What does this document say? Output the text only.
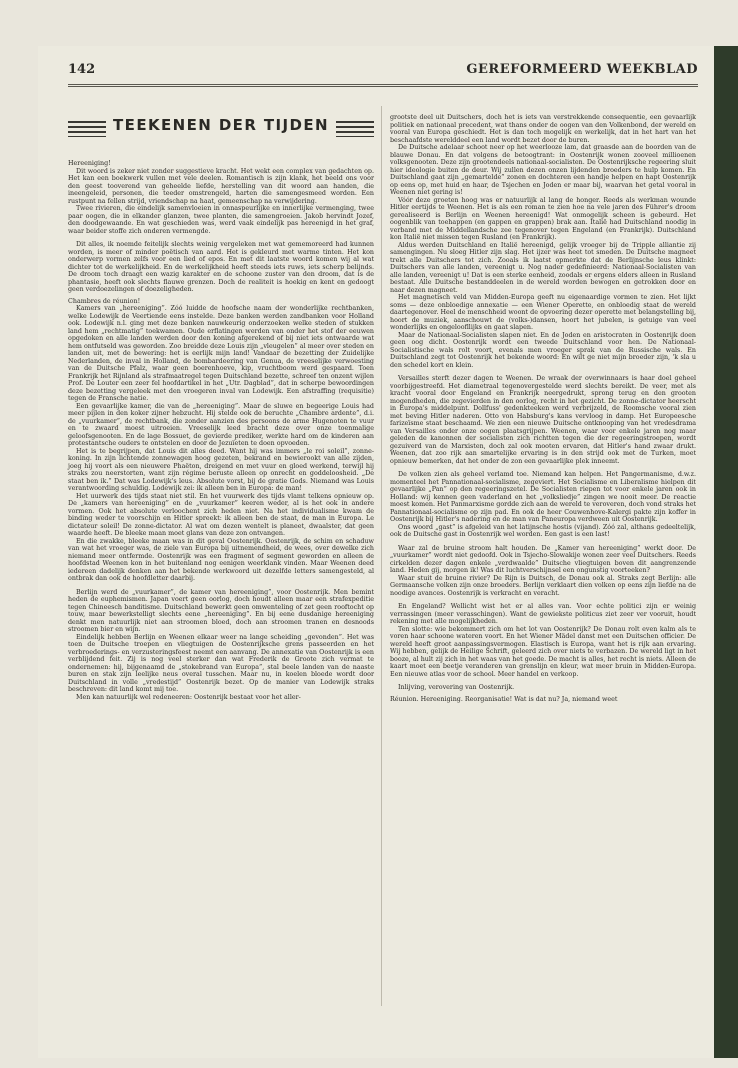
142	GEREFORMEERD WEEKBLAD
TEEKENEN DER TIJDEN

Hereeniging!

Dit woord is zeker niet zonder suggestieve kracht. Het wekt een complex van gedachten op. Het kan een boekwerk vullen met vele deelen. Romantisch is zijn klank, het beeld ons voor den geest tooverend van geheelde liefde, herstelling van dit woord aan handen, die ineengeleid, personen, die teeder omstrengeld, harten die samengesmeed worden. Een rustpunt na fellen strijd, vriendschap na haat, gemeenschap na verwijdering.

Twee rivieren, die eindelijk samenvloeien in onnaspeurlijke en innerlijke vermenging, twee paar oogen, die in elkander glanzen, twee planten, die samengroeien. Jakob hervindt Jozef, den doodgewaande. En wat geschieden was, werd vaak eindelijk pas hereenigd in het graf, waar beider stoffe zich onderen vermengde.

Dit alles, ik noemde feitelijk slechts weinig vergeleken met wat gememoreerd had kunnen worden, is meer of minder poëtisch van aard. Het is gekleurd met warme tinten. Het kon onderwerp vormen zelfs voor een lied of epos. En met dit laatste woord komen wij al wat dichter tot de werkelijkheid. En de werkelijkheid heeft steeds iets ruws, iets scherp belijnds. De droom toch draagt een wazig karakter en de schoone zuster van den droom, dat is de phantasie, heeft ook slechts flauwe grenzen. Doch de realiteit is hoekig en kent en gedoogt geen verdoezelingen of doezeligheden.

Chambres de réunion!

Kamers van „hereeniging”. Zóó luidde de hoofsche naam der wonderlijke rechtbanken, welke Lodewijk de Veertiende eens instelde. Deze banken werden zandbanken voor Holland ook. Lodewijk n.l. ging met deze banken nauwkeurig onderzoeken welke steden of stukken land hem „rechtmatig” toekwamen. Oude erflatingen werden van onder het stof der eeuwen opgedoken en alle landen werden door den koning afgerekend of bij niet iets ontwaarde wat hem ontfutseld was geworden. Zoo breidde deze Louis zijn „vleugelen” al meer over steden en landen uit, met de bewering: het is eerlijk mijn land! Vandaar de bezetting der Zuidelijke Nederlanden, de inval in Holland, de bombardeering van Genua, de vreeselijke verwoesting van de Duitsche Pfalz, waar geen boerenhoeve, kip, vruchtboom werd gespaard. Toen Frankrijk het Rijnland als strafmaatregel tegen Duitschland bezette, schreef ten onzent wijlen Prof. De Louter een zeer fel hoofdartikel in het „Utr. Dagblad”, dat in scherpe bewoordingen deze bezetting vergeleek met den vroegeren inval van Lodewijk. Een afstraffing (requisitie) tegen de Fransche natie.

Een gevaarlijke kamer, die van de „hereeniging”. Maar de sluwe en begeerige Louis had meer pijlen in den koker zijner hebzucht. Hij stelde ook de beruchte „Chambre ardente”, d.i. de „vuurkamer”, de rechtbank, die zonder aanzien des persoons de arme Hugenoten te vuur en te zwaard moest uitroeien. Vreeselijk leed bracht deze over onze toenmalige geloofsgenooten. En de lage Bossuet, de gevierde prediker, werkte hard om de kinderen aan protestantsche ouders te ontstelen en door de Jezuïeten te doen opvoeden.

Het is te begrijpen, dat Louis dit alles deed. Want hij was immers „le roi soleil”, zonne-koning. In zijn lichtende zonnewagen hoog gezeten, bekrand en bewierookt van alle zijden, joeg hij voort als een nieuwere Phaëton, dreigend en met vuur en gloed werkend, terwijl hij straks zou neerstorten, want zijn régime beruste alleen op onrecht en goddeloosheid. „De staat ben ik.” Dat was Lodewijk's leus. Absolute vorst, bij de gratie Gods. Niemand was Louis verantwoording schuldig. Lodewijk zei: ik alleen ben in Europa: de man!

Het uurwerk des tijds staat niet stil. En het vuurwerk des tijds vlamt telkens opnieuw op. De „kamers van hereeniging” en de „vuurkamer” keeren weder, al is het ook in andere vormen. Ook het absolute verloochent zich heden niet. Na het individualisme kwam de binding weder te voorschijn en Hitler spreekt: ik alleen ben de staat, de man in Europa. Le dictateur soleil! De zonne-dictator. Al wat om dezen wentelt is planeet, dwaalster, dat geen waarde heeft. De bleeke maan moet glans van deze zon ontvangen.

En die zwakke, bleeke maan was in dit geval Oostenrijk. Oostenrijk, de schim en schaduw van wat het vroeger was, de ziele van Europa bij uitnemendheid, de wees, over dewelke zich niemand meer ontfermde. Oostenrijk was een fragment of segment geworden en alleen de hoofdstad Weenen kon in het buitenland nog eenigen weerklank vinden. Maar Weenen deed iedereen dadelijk denken aan het bekende werkwoord uit dezelfde letters samengesteld, al ontbrak dan ook de hoofdletter daarbij.

Berlijn werd de „vuurkamer”, de kamer van hereeniging”, voor Oostenrijk. Men bemint heden de euphemismen. Japan voert geen oorlog, doch houdt alleen maar een strafexpeditie tegen Chineesch banditisme. Duitschland bewerkt geen omwenteling of zet geen rooftocht op touw, maar bewerkstelligt slechts eene „hereeniging”. En bij eene dusdanige hereeniging denkt men natuurlijk niet aan stroomen bloed, doch aan stroomen tranen en desnoods stroomen bier en wijn.

Eindelijk hebben Berlijn en Weenen elkaar weer na lange scheiding „gevonden”. Het was toen de Duitsche troepen en vliegtuigen de Oostenrijksche grens passeerden en het verbroederings- en verzusteringsfeest neemt een aanvang. De annexatie van Oostenrijk is een verblijdend feit. Zij is nog veel sterker dan wat Frederik de Groote zich vermat te ondernemen: hij, bijgenaamd de „stokebrand van Europa”, stal beele landen van de naaste buren en stak zijn leelijke neus overal tusschen. Maar nu, in koelen bloede wordt door Duitschland in volle „vredestijd” Oostenrijk bezet. Op de manier van Lodewijk straks beschreven: dit land komt mij toe.

Men kan natuurlijk wel redeneeren: Oostenrijk bestaat voor het aller-

grootste deel uit Duitschers, doch het is iets van verstrekkende consequentie, een gevaarlijk politiek en nationaal precedent, wat thans onder de oogen van den Volkenbond, der wereld en vooral van Europa geschiedt. Het is dan toch mogelijk en werkelijk, dat in het hart van het beschaafdste werelddeel een land wordt bezet door de buren.

De Duitsche adelaar schoot neer op het weerlooze lam, dat graasde aan de boorden van de blauwe Donau. En dat volgens de betoogtrant: in Oostenrijk wonen zooveel millioenen volksgenooten. Deze zijn grootendeels nationaal-socialisten. De Oostenrijksche regeering sluit hier ideologie buiten de deur. Wij zullen dezen onzen lijdenden broeders te hulp komen. En Duitschland gaat zijn „gemartelde” zonen en dochteren een handje helpen en hapt Oostenrijk op eens op, met huid en haar, de Tsjechen en Joden er maar bij, waarvan het getal vooral in Weenen niet gering is!

Vóór deze groeten hoog was er natuurlijk al lang de honger. Reeds als werkman wounde Hitler eertijds te Weenen. Het is als een roman te zien hoe na vele jaren des Führer's droom gerealiseerd is Berlijn en Weenen hereenigd! Wat onmogelijk scheen is gebeurd. Het oogenblik van toehappen (en gappen en grappen) brak aan. Italië had Duitschland noodig in verband met de Middellandsche zee tegenover tegen Engeland (en Frankrijk). Duitschland kon Italië niet missen tegen Rusland (en Frankrijk).

Aldus werden Duitschland en Italië hereenigd, gelijk vroeger bij de Tripple alliantie zij samengingen. Nu sloeg Hitler zijn slag. Het ijzer was heet tot smeden. De Duitsche magneet trekt alle Duitschers tot zich. Zooals ik laatst opmerkte dat de Berlijnsche leus klinkt: Duitschers van alle landen, vereenigt u. Nog nader gedefinieerd: Nationaal-Socialisten van alle landen, vereenigt u! Dat is een sterke eenheid, zoodals er ergens elders alleen in Rusland bestaat. Alle Duitsche bestanddeelen in de wereld worden bewogen en getrokken door en naar dezen magneet.

Het magnetisch veld van Midden-Europa geeft nu eigenaardige vormen te zien. Het lijkt soms — deze onbloedige annexatie — een Wiener Operette, en onbloedig staat de wereld daartegenover. Heel de menschheid woont de opvoering dezer operette met belangstelling bij, hoort de muziek, aanschouwt de (volks-)dansen, hoort het jubelen, is getuige van veel wonderlijks en ongeloofllijks en gaat slapen.

Maar de Nationaal-Socialisten slapen niet. En de Joden en aristocraten in Oostenrijk doen geen oog dicht. Oostenrijk wordt een tweede Duitschland voor hen. De Nationaal-Socialistische wals rolt voort, evenals men vroeger sprak van de Russische wals. En Duitschland zegt tot Oostenrijk het bekende woord: En wilt ge niet mijn broeder zijn, 'k sla u den schedel kort en klein.

Versailles sterft dezer dagen te Weenen. De wraak der overwinnaars is haar doel geheel voorbijgestreefd. Het diametraal tegenovergestelde werd slechts bereikt. De veer, met als kracht vooral door Engeland en Frankrijk neergedrukt, sprong terug en den grooten mogendheden, die zegevierden in den oorlog, recht in het gezicht. De zonne-dictator heerscht in Europa's middelpunt. Dollfuss' gedenkteeken werd verbrijzeld, de Roomsche vooral zien met beving Hitler naderen. Otto von Habsburg's kans vervloog in damp. Het Europeesche farizeïsme staat beschaamd. We zien een nieuwe Duitsche ontknooping van het vredesdrama van Versailles onder onze oogen plaatsgrijpen. Weenen, waar voor enkele jaren nog maar geleden de kanonnen der socialisten zich richtten tegen die der regeeringstroepen, wordt gezuiverd van de Marxisten, doch zal ook mooten ervaren, dat Hitler's hand zwaar drukt. Weenen, dat zoo rijk aan smartelijke ervaring is in den strijd ook met de Turken, moet opnieuw bemerken, dat het onder de zon een gevaarlijke plek inneemt.

De volken zien als geheel verlamd toe. Niemand kan helpen. Het Pangermanisme, d.w.z. momenteel het Pannationaal-socialisme, zegeviert. Het Socialisme en Liberalisme hielpen dit gevaarlijke „Pan” op den regeeringszetel. De Socialisten riepen tot voor enkele jaren ook in Holland: wij kennen geen vaderland en het „volksliedje” zingen we nooit meer. De reactie moest komen. Het Panmarxisme gordde zich aan de wereld te veroveren, doch vond straks het Pannationaal-socialisme op zijn pad. En ook de heer Couwenhove-Kalergi pakte zijn koffer in Oostenrijk bij Hitler's nadering en de man van Paneuropa verdween uit Oostenrijk.

Ons woord „gast” is afgeleid van het latijnsche hostis (vijand). Zóó zal, althans gedeeltelijk, ook de Duitsche gast in Oostenrijk wel worden. Een gast is een last!

Waar zal de bruine stroom halt houden. De „Kamer van hereeniging” werkt door. De „vuurkamer” wordt niet gedoofd. Ook in Tsjecho-Slowakije wonen zeer veel Duitschers. Reeds cirkelden dezer dagen enkele „verdwaalde” Duitsche vliegtuigen boven dit aangrenzende land. Heden gij, morgen ik! Was dit luchtverschijnsel een ongunstig voorteeken?

Waar stuit de bruine rivier? De Rijn is Duitsch, de Donau ook al. Straks zegt Berlijn: alle Germaansche volken zijn onze broeders. Berlijn verklaart dien volken op eens zijn liefde na de noodige avances. Oostenrijk is verkracht en veracht.

En Engeland? Wellicht wist het er al alles van. Voor echte politici zijn er weinig verrassingen (meer verasschingen). Want de gewiekste politicus ziet zeer ver vooruit, houdt rekening met alle mogelijkheden.

Ten slotte: wie bekommert zich om het lot van Oostenrijk? De Donau rolt even kalm als te voren haar schoone wateren voort. En het Wiener Mädel danst met een Duitschen officier. De wereld heeft groot aanpassingsvermogen. Elastisch is Europa, want het is rijk aan ervaring. Wij hebben, gelijk de Heilige Schrift, geleerd zich over niets te verbazen. De wereld ligt in het booze, al hult zij zich in het waas van het goede. De macht is alles, het recht is niets. Alleen de kaart moet een beetje veranderen van grenslijn en kleur, wat meer bruin in Midden-Europa. Een nieuwe atlas voor de school. Meer handel en verkoop.

Inlijving, verovering van Oostenrijk.

Réunion. Hereeniging. Reorganisatie! Wat is dat nu? Ja, niemand weet
